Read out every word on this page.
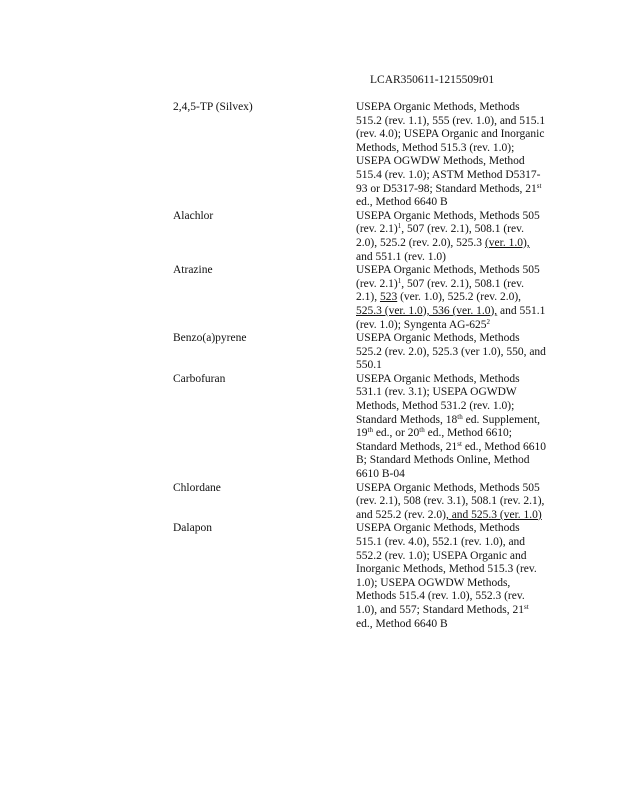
LCAR350611-1215509r01
2,4,5-TP (Silvex)	USEPA Organic Methods, Methods 515.2 (rev. 1.1), 555 (rev. 1.0), and 515.1 (rev. 4.0); USEPA Organic and Inorganic Methods, Method 515.3 (rev. 1.0); USEPA OGWDW Methods, Method 515.4 (rev. 1.0); ASTM Method D5317-93 or D5317-98; Standard Methods, 21st ed., Method 6640 B
Alachlor	USEPA Organic Methods, Methods 505 (rev. 2.1)$^1$, 507 (rev. 2.1), 508.1 (rev. 2.0), 525.2 (rev. 2.0), 525.3 (ver. 1.0), and 551.1 (rev. 1.0)
Atrazine	USEPA Organic Methods, Methods 505 (rev. 2.1)$^1$, 507 (rev. 2.1), 508.1 (rev. 2.1), 523 (ver. 1.0), 525.2 (rev. 2.0), 525.3 (ver. 1.0), 536 (ver. 1.0), and 551.1 (rev. 1.0); Syngenta $AG-625^2$
Benzo(a)pyrene	USEPA Organic Methods, Methods 525.2 (rev. 2.0), 525.3 (ver 1.0), 550, and 550.1
Carbofuran	USEPA Organic Methods, Methods 531.1 (rev. 3.1); USEPA OGWDW Methods, Method 531.2 (rev. 1.0); Standard Methods, 18th ed. Supplement, 19th ed., or 20th ed., Method 6610; Standard Methods, 21st ed., Method 6610 B; Standard Methods Online, Method 6610 B-04
Chlordane	USEPA Organic Methods, Methods 505 (rev. 2.1), 508 (rev. 3.1), 508.1 (rev. 2.1), and 525.2 (rev. 2.0), and 525.3 (ver. 1.0)
Dalapon	USEPA Organic Methods, Methods 515.1 (rev. 4.0), 552.1 (rev. 1.0), and 552.2 (rev. 1.0); USEPA Organic and Inorganic Methods, Method 515.3 (rev. 1.0); USEPA OGWDW Methods, Methods 515.4 (rev. 1.0), 552.3 (rev. 1.0), and 557; Standard Methods, 21st ed., Method 6640 B
